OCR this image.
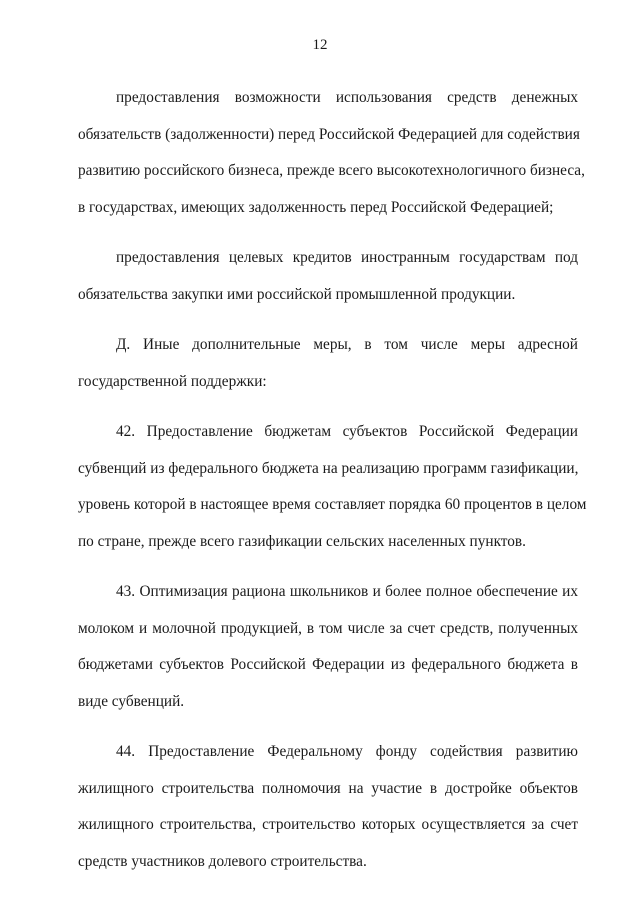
12

предоставления возможности использования средств денежных
обязательств (задолженности) перед Российской Федерацией для содействия
развитию российского бизнеса, прежде всего высокотехнологичного бизнеса,
в государствах, имеющих задолженность перед Российской Федерацией;

предоставления целевых кредитов иностранным государствам под
обязательства закупки ими российской промышленной продукции.

Д. Иные дополнительные меры, в том числе меры адресной
государственной поддержки:

42. Предоставление бюджетам субъектов Российской Федерации
субвенций из федерального бюджета на реализацию программ газификации,
уровень которой в настоящее время составляет порядка 60 процентов в целом
по стране, прежде всего газификации сельских населенных пунктов.

43. Оптимизация рациона школьников и более полное обеспечение их
молоком и молочной продукцией, в том числе за счет средств, полученных
бюджетами субъектов Российской Федерации из федерального бюджета в
виде субвенций.

44. Предоставление Федеральному фонду содействия развитию
жилищного строительства полномочия на участие в достройке объектов
жилищного строительства, строительство которых осуществляется за счет
средств участников долевого строительства.
